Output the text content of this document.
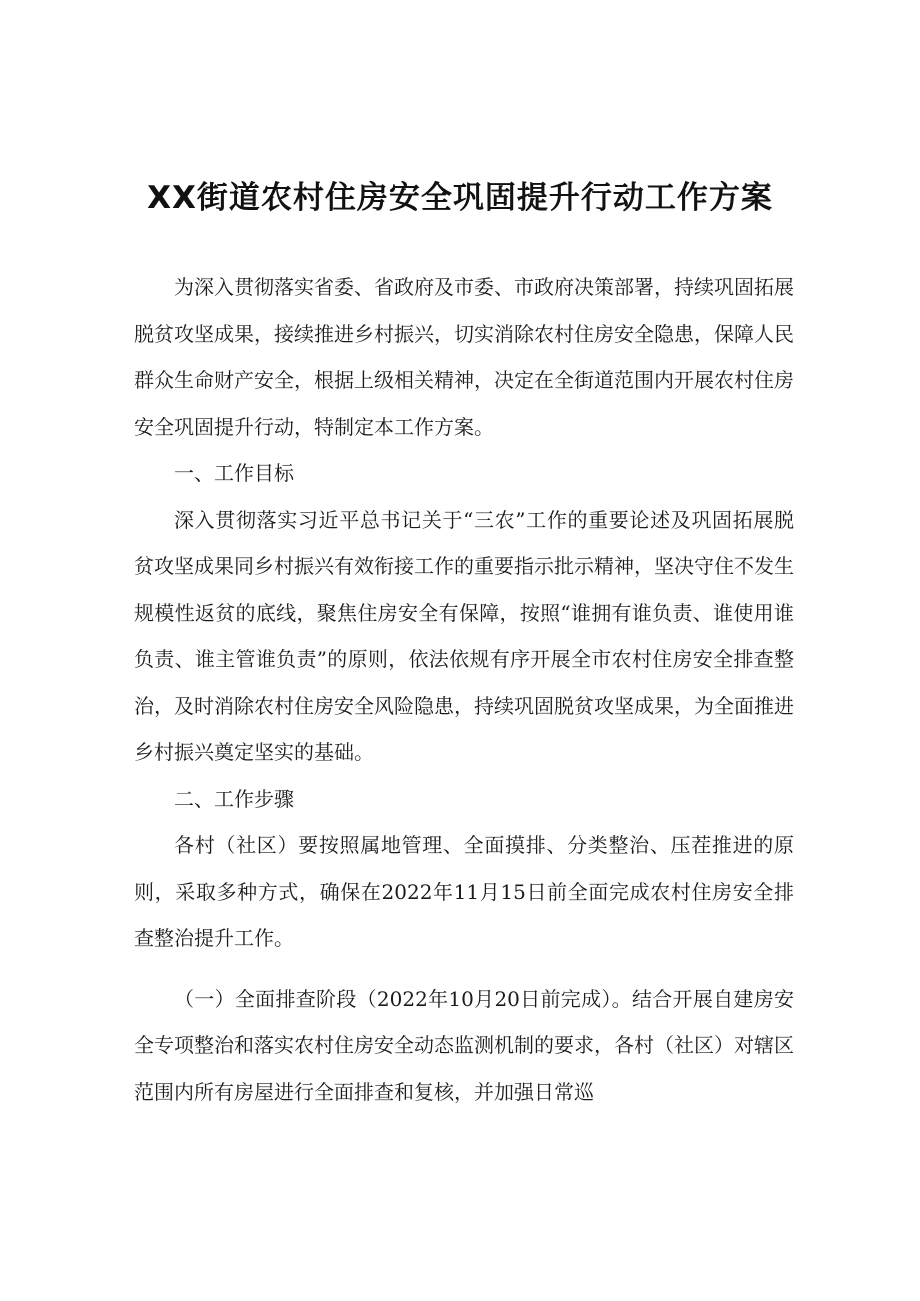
XX街道农村住房安全巩固提升行动工作方案

为深入贯彻落实省委、省政府及市委、市政府决策部署，持续巩固拓展脱贫攻坚成果，接续推进乡村振兴，切实消除农村住房安全隐患，保障人民群众生命财产安全，根据上级相关精神，决定在全街道范围内开展农村住房安全巩固提升行动，特制定本工作方案。

一、工作目标

深入贯彻落实习近平总书记关于“三农”工作的重要论述及巩固拓展脱贫攻坚成果同乡村振兴有效衔接工作的重要指示批示精神，坚决守住不发生规模性返贫的底线，聚焦住房安全有保障，按照“谁拥有谁负责、谁使用谁负责、谁主管谁负责”的原则，依法依规有序开展全市农村住房安全排查整治，及时消除农村住房安全风险隐患，持续巩固脱贫攻坚成果，为全面推进乡村振兴奠定坚实的基础。

二、工作步骤

各村（社区）要按照属地管理、全面摸排、分类整治、压茬推进的原则，采取多种方式，确保在2022年11月15日前全面完成农村住房安全排查整治提升工作。

（一）全面排查阶段（2022年10月20日前完成）。结合开展自建房安全专项整治和落实农村住房安全动态监测机制的要求，各村（社区）对辖区范围内所有房屋进行全面排查和复核，并加强日常巡
